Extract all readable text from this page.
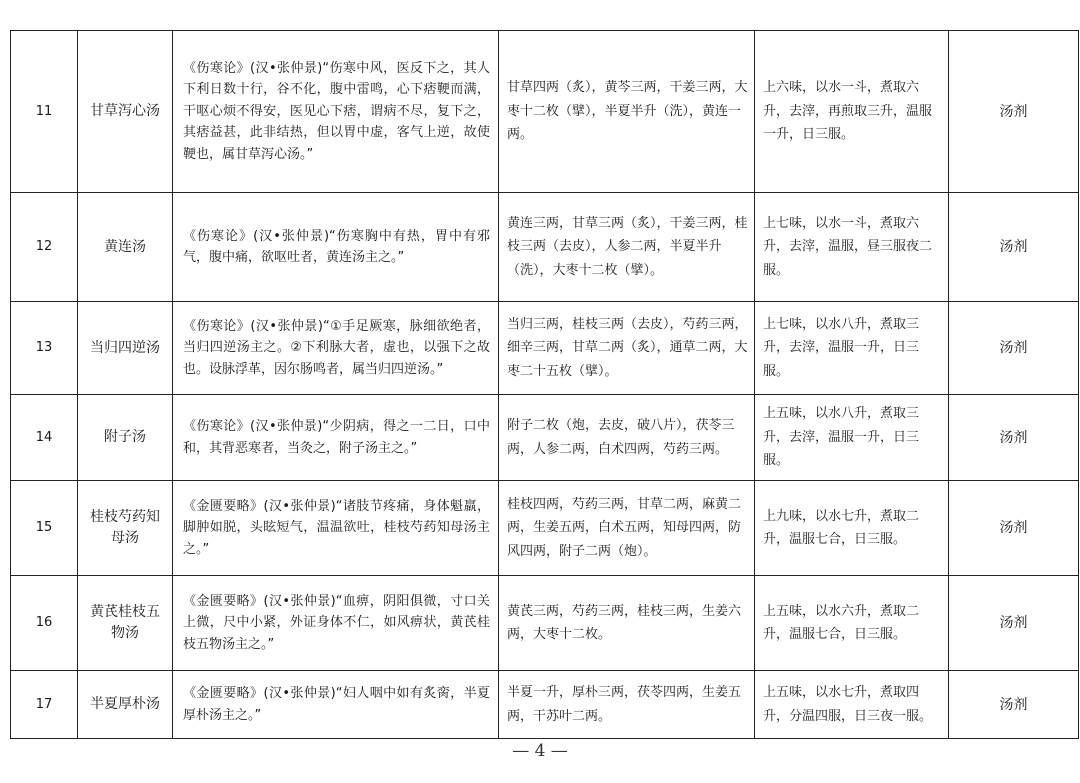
11	甘草泻心汤	《伤寒论》(汉•张仲景)“伤寒中风，医反下之，其人下利日数十行，谷不化，腹中雷鸣，心下痞鞕而满，干呕心烦不得安，医见心下痞，谓病不尽，复下之，其痞益甚，此非结热，但以胃中虚，客气上逆，故使鞕也，属甘草泻心汤。”	甘草四两（炙），黄芩三两，干姜三两，大枣十二枚（擘），半夏半升（洗），黄连一两。	上六味，以水一斗，煮取六升，去滓，再煎取三升，温服一升，日三服。	汤剂
12	黄连汤	《伤寒论》(汉•张仲景)“伤寒胸中有热，胃中有邪气，腹中痛，欲呕吐者，黄连汤主之。”	黄连三两，甘草三两（炙），干姜三两，桂枝三两（去皮），人参二两，半夏半升（洗），大枣十二枚（擘）。	上七味，以水一斗，煮取六升，去滓，温服，昼三服夜二服。	汤剂
13	当归四逆汤	《伤寒论》(汉•张仲景)“①手足厥寒，脉细欲绝者，当归四逆汤主之。②下利脉大者，虚也，以强下之故也。设脉浮革，因尔肠鸣者，属当归四逆汤。”	当归三两，桂枝三两（去皮），芍药三两，细辛三两，甘草二两（炙），通草二两，大枣二十五枚（擘）。	上七味，以水八升，煮取三升，去滓，温服一升，日三服。	汤剂
14	附子汤	《伤寒论》(汉•张仲景)“少阴病，得之一二日，口中和，其背恶寒者，当灸之，附子汤主之。”	附子二枚（炮，去皮，破八片），茯苓三两，人参二两，白术四两，芍药三两。	上五味，以水八升，煮取三升，去滓，温服一升，日三服。	汤剂
15	桂枝芍药知母汤	《金匮要略》(汉•张仲景)“诸肢节疼痛，身体魁羸，脚肿如脱，头眩短气，温温欲吐，桂枝芍药知母汤主之。”	桂枝四两，芍药三两，甘草二两，麻黄二两，生姜五两，白术五两，知母四两，防风四两，附子二两（炮）。	上九味，以水七升，煮取二升，温服七合，日三服。	汤剂
16	黄芪桂枝五物汤	《金匮要略》(汉•张仲景)“血痹，阴阳俱微，寸口关上微，尺中小紧，外证身体不仁，如风痹状，黄芪桂枝五物汤主之。”	黄芪三两，芍药三两，桂枝三两，生姜六两，大枣十二枚。	上五味，以水六升，煮取二升，温服七合，日三服。	汤剂
17	半夏厚朴汤	《金匮要略》(汉•张仲景)“妇人咽中如有炙脔，半夏厚朴汤主之。”	半夏一升，厚朴三两，茯苓四两，生姜五两，干苏叶二两。	上五味，以水七升，煮取四升，分温四服，日三夜一服。	汤剂
— 4 —
